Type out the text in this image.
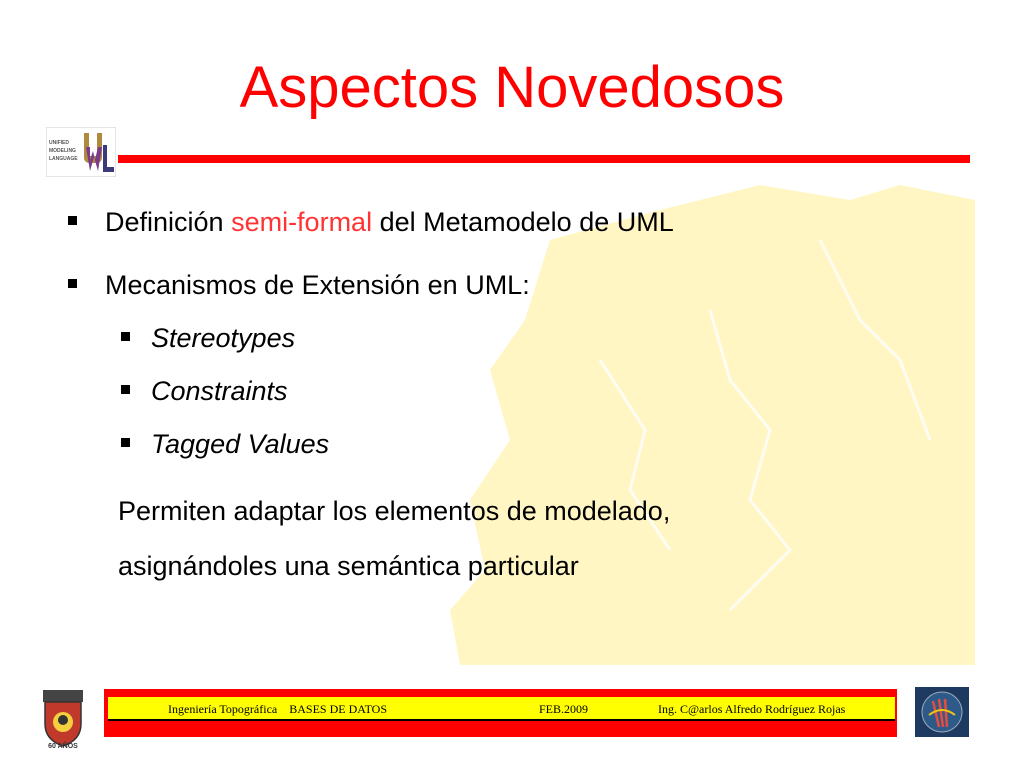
Aspectos Novedosos
UNIFIED
MODELING
LANGUAGE
Definición semi-formal del Metamodelo de UML
Mecanismos de Extensión en UML:
Stereotypes
Constraints
Tagged Values
Permiten adaptar los elementos de modelado,
asignándoles una semántica particular
60 AÑOS
Ingeniería Topográfica    BASES DE DATOS	FEB.2009	Ing. C@arlos Alfredo Rodríguez Rojas
